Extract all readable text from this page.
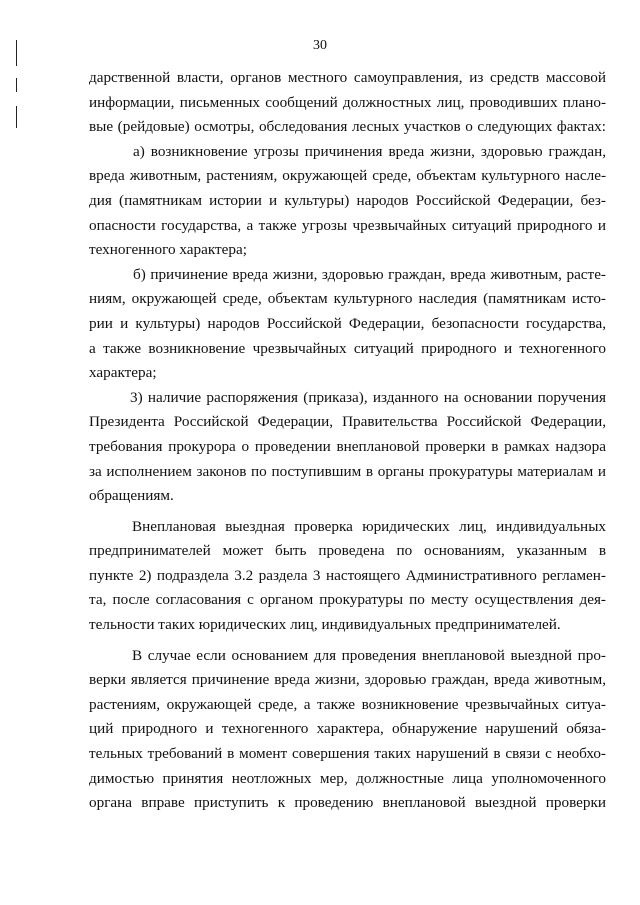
30
дарственной власти, органов местного самоуправления, из средств массовой
информации, письменных сообщений должностных лиц, проводивших плано-
вые (рейдовые) осмотры, обследования лесных участков о следующих фактах:
а) возникновение угрозы причинения вреда жизни, здоровью граждан,
вреда животным, растениям, окружающей среде, объектам культурного насле-
дия (памятникам истории и культуры) народов Российской Федерации, без-
опасности государства, а также угрозы чрезвычайных ситуаций природного и
техногенного характера;
б) причинение вреда жизни, здоровью граждан, вреда животным, расте-
ниям, окружающей среде, объектам культурного наследия (памятникам исто-
рии и культуры) народов Российской Федерации, безопасности государства,
а также возникновение чрезвычайных ситуаций природного и техногенного
характера;
3) наличие распоряжения (приказа), изданного на основании поручения
Президента Российской Федерации, Правительства Российской Федерации,
требования прокурора о проведении внеплановой проверки в рамках надзора
за исполнением законов по поступившим в органы прокуратуры материалам и
обращениям.
Внеплановая выездная проверка юридических лиц, индивидуальных
предпринимателей может быть проведена по основаниям, указанным в
пункте 2) подраздела 3.2 раздела 3 настоящего Административного регламен-
та, после согласования с органом прокуратуры по месту осуществления дея-
тельности таких юридических лиц, индивидуальных предпринимателей.
В случае если основанием для проведения внеплановой выездной про-
верки является причинение вреда жизни, здоровью граждан, вреда животным,
растениям, окружающей среде, а также возникновение чрезвычайных ситуа-
ций природного и техногенного характера, обнаружение нарушений обяза-
тельных требований в момент совершения таких нарушений в связи с необхо-
димостью принятия неотложных мер, должностные лица уполномоченного
органа вправе приступить к проведению внеплановой выездной проверки
